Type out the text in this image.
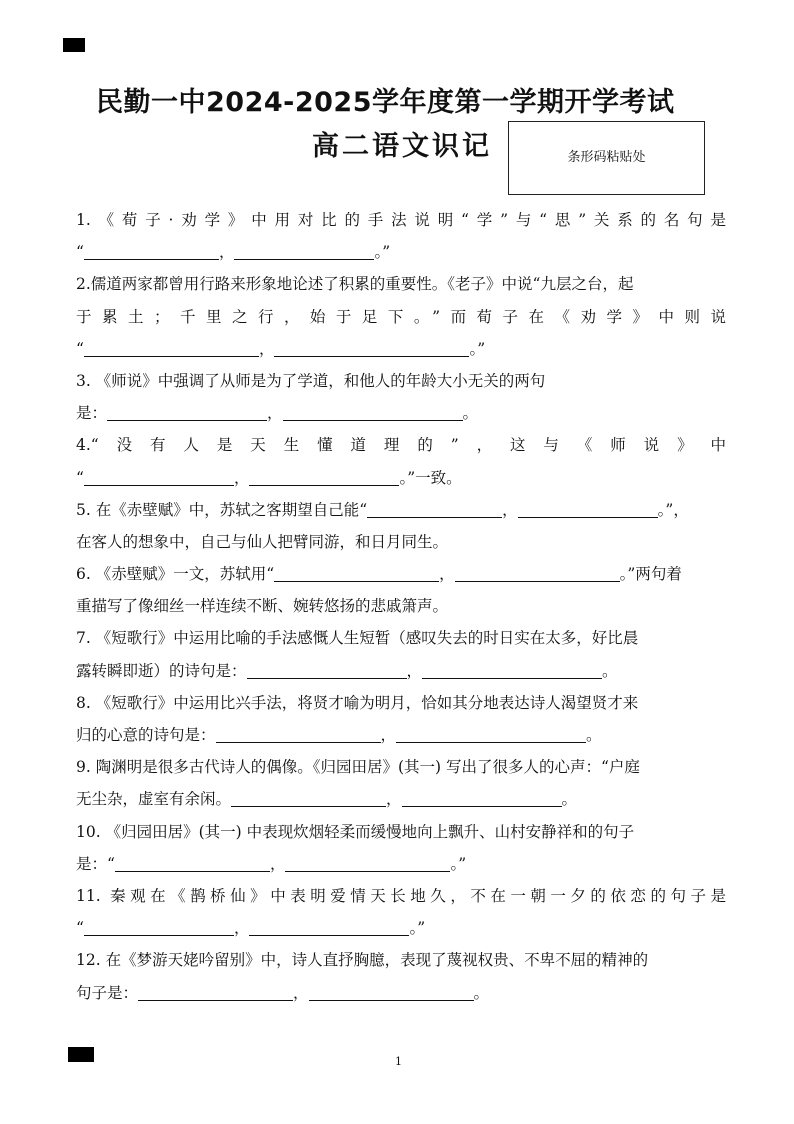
民勤一中2024-2025学年度第一学期开学考试
高二语文识记	条形码粘贴处
1.《荀子·劝学》中用对比的手法说明“学”与“思”关系的名句是
“	，	。”
2.儒道两家都曾用行路来形象地论述了积累的重要性。《老子》中说“九层之台，起
于累土；千里之行，始于足下。”而荀子在《劝学》中则说
“	，	。”
3. 《师说》中强调了从师是为了学道，和他人的年龄大小无关的两句
是：	，	。
4.“没有人是天生懂道理的”，这与《师说》中
“	，	。”一致。
5. 在《赤壁赋》中，苏轼之客期望自己能“	，	。”，
在客人的想象中，自己与仙人把臂同游，和日月同生。
6. 《赤壁赋》一文，苏轼用“	，	。”两句着
重描写了像细丝一样连续不断、婉转悠扬的悲戚箫声。
7. 《短歌行》中运用比喻的手法感慨人生短暂（感叹失去的时日实在太多，好比晨
露转瞬即逝）的诗句是：	，	。
8. 《短歌行》中运用比兴手法，将贤才喻为明月，恰如其分地表达诗人渴望贤才来
归的心意的诗句是：	，	。
9. 陶渊明是很多古代诗人的偶像。《归园田居》(其一) 写出了很多人的心声：“户庭
无尘杂，虚室有余闲。	，	。
10. 《归园田居》(其一) 中表现炊烟轻柔而缓慢地向上飘升、山村安静祥和的句子
是：“	，	。”
11. 秦观在《鹊桥仙》中表明爱情天长地久，不在一朝一夕的依恋的句子是
“	，	。”
12. 在《梦游天姥吟留别》中，诗人直抒胸臆，表现了蔑视权贵、不卑不屈的精神的
句子是：	，	。
1
